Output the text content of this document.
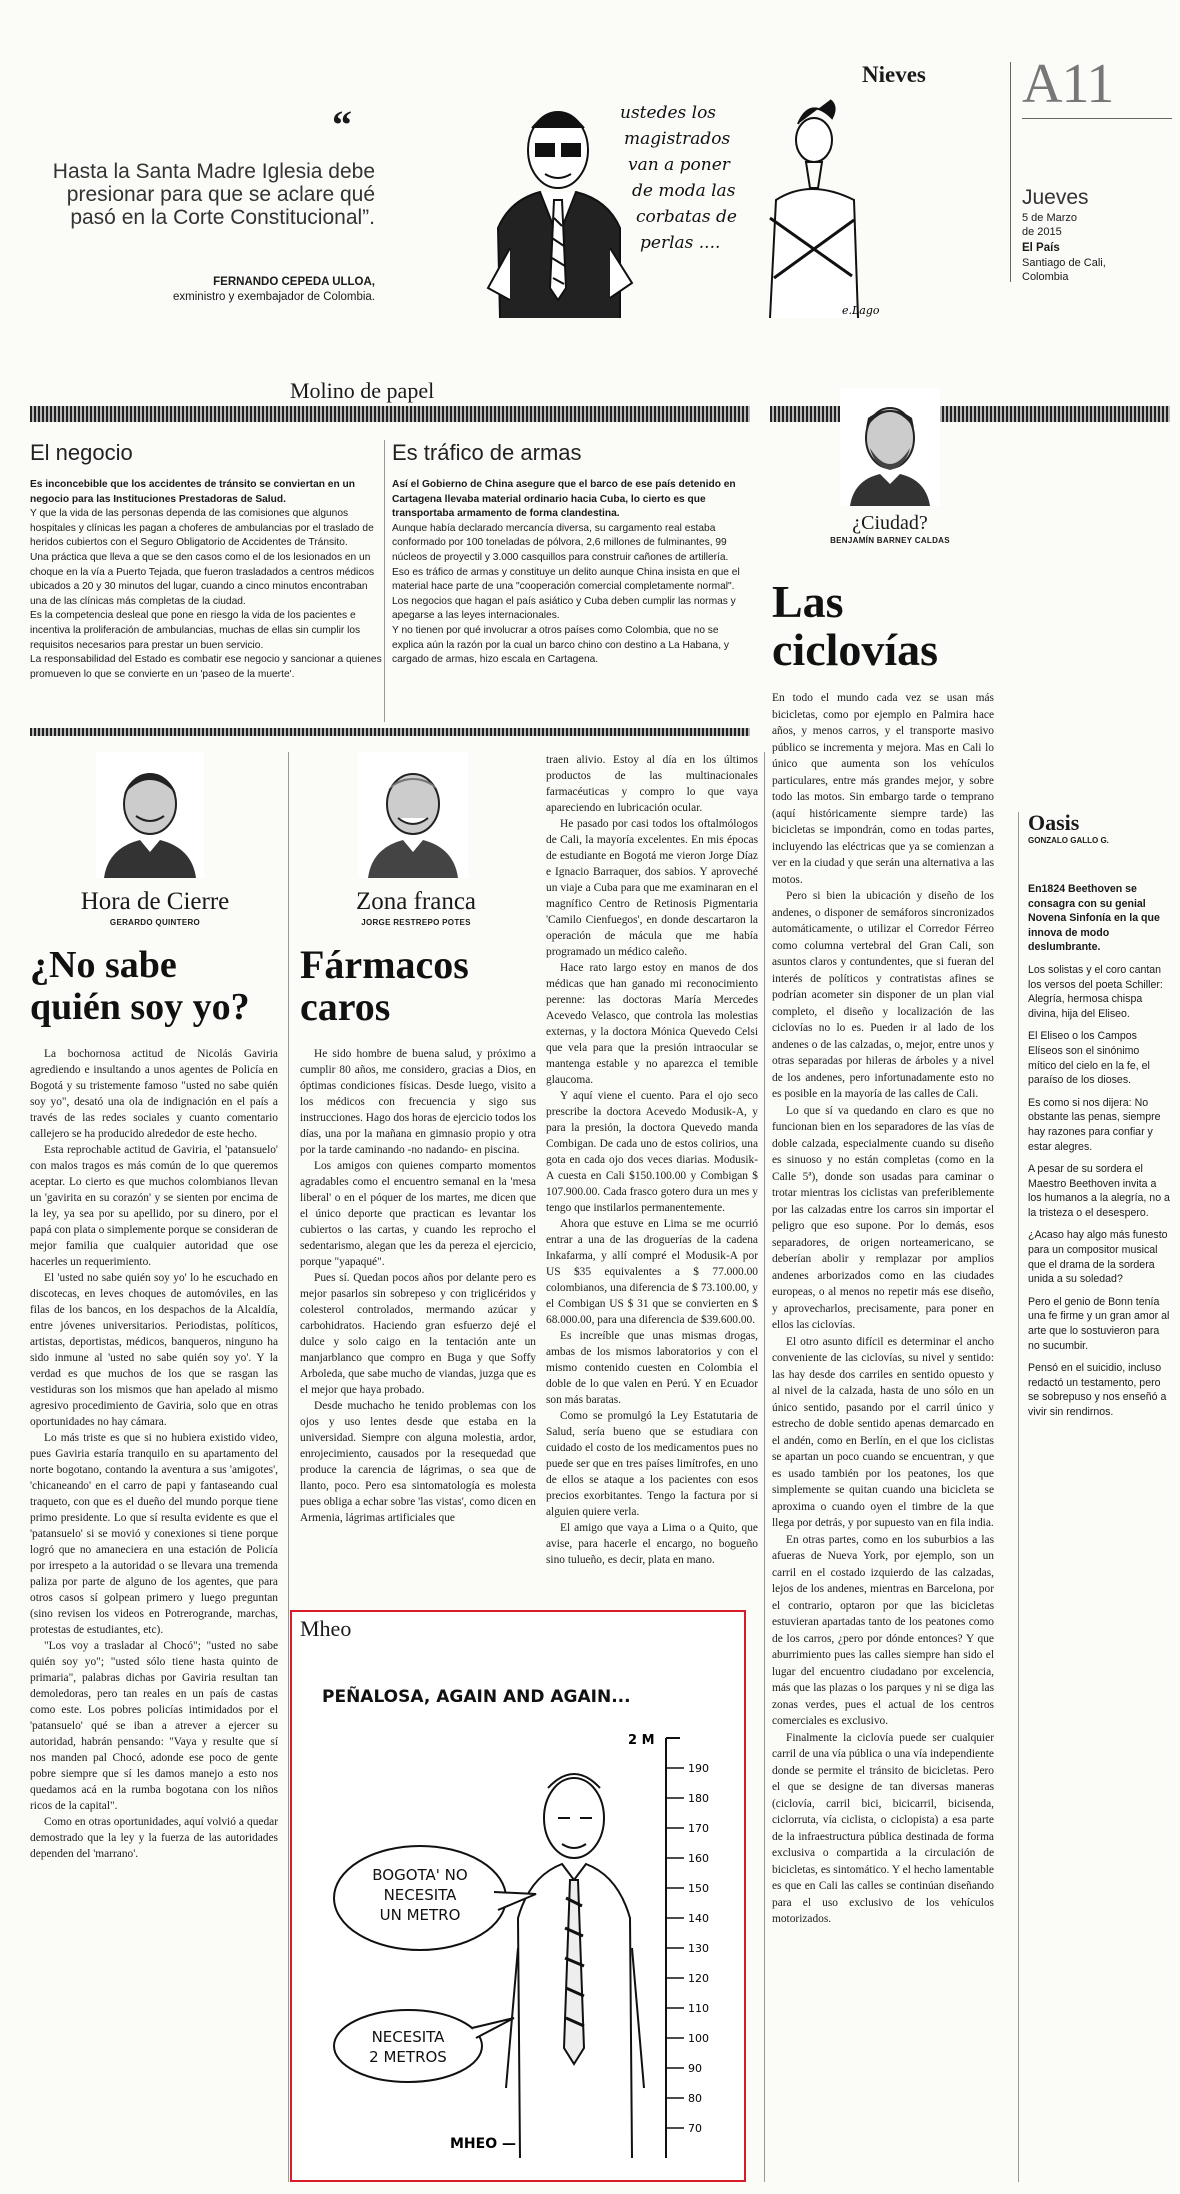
Nieves A11
Jueves
5 de Marzo
de 2015
El País
Santiago de Cali,
Colombia
“
Hasta la Santa Madre Iglesia debe presionar para que se aclare qué pasó en la Corte Constitucional”.
FERNANDO CEPEDA ULLOA,
exministro y exembajador de Colombia.
e.Lago
ustedes los
magistrados
van a poner
de moda las
corbatas de
perlas ....
Molino de papel
El negocio

Es inconcebible que los accidentes de tránsito se conviertan en un negocio para las Instituciones Prestadoras de Salud.

Y que la vida de las personas dependa de las comisiones que algunos hospitales y clínicas les pagan a choferes de ambulancias por el traslado de heridos cubiertos con el Seguro Obligatorio de Accidentes de Tránsito.

Una práctica que lleva a que se den casos como el de los lesionados en un choque en la vía a Puerto Tejada, que fueron trasladados a centros médicos ubicados a 20 y 30 minutos del lugar, cuando a cinco minutos encontraban una de las clínicas más completas de la ciudad.

Es la competencia desleal que pone en riesgo la vida de los pacientes e incentiva la proliferación de ambulancias, muchas de ellas sin cumplir los requisitos necesarios para prestar un buen servicio.

La responsabilidad del Estado es combatir ese negocio y sancionar a quienes promueven lo que se convierte en un 'paseo de la muerte'.

Es tráfico de armas

Así el Gobierno de China asegure que el barco de ese país detenido en Cartagena llevaba material ordinario hacia Cuba, lo cierto es que transportaba armamento de forma clandestina.

Aunque había declarado mercancía diversa, su cargamento real estaba conformado por 100 toneladas de pólvora, 2,6 millones de fulminantes, 99 núcleos de proyectil y 3.000 casquillos para construir cañones de artillería.

Eso es tráfico de armas y constituye un delito aunque China insista en que el material hace parte de una "cooperación comercial completamente normal".

Los negocios que hagan el país asiático y Cuba deben cumplir las normas y apegarse a las leyes internacionales.

Y no tienen por qué involucrar a otros países como Colombia, que no se explica aún la razón por la cual un barco chino con destino a La Habana, y cargado de armas, hizo escala en Cartagena.

¿Ciudad?
BENJAMÍN BARNEY CALDAS
Las
ciclovías

En todo el mundo cada vez se usan más bicicletas, como por ejemplo en Palmira hace años, y menos carros, y el transporte masivo público se incrementa y mejora. Mas en Cali lo único que aumenta son los vehículos particulares, entre más grandes mejor, y sobre todo las motos. Sin embargo tarde o temprano (aquí históricamente siempre tarde) las bicicletas se impondrán, como en todas partes, incluyendo las eléctricas que ya se comienzan a ver en la ciudad y que serán una alternativa a las motos.

Pero si bien la ubicación y diseño de los andenes, o disponer de semáforos sincronizados automáticamente, o utilizar el Corredor Férreo como columna vertebral del Gran Cali, son asuntos claros y contundentes, que si fueran del interés de políticos y contratistas afines se podrían acometer sin disponer de un plan vial completo, el diseño y localización de las ciclovías no lo es. Pueden ir al lado de los andenes o de las calzadas, o, mejor, entre unos y otras separadas por hileras de árboles y a nivel de los andenes, pero infortunadamente esto no es posible en la mayoría de las calles de Cali.

Lo que sí va quedando en claro es que no funcionan bien en los separadores de las vías de doble calzada, especialmente cuando su diseño es sinuoso y no están completas (como en la Calle 5ª), donde son usadas para caminar o trotar mientras los ciclistas van preferiblemente por las calzadas entre los carros sin importar el peligro que eso supone. Por lo demás, esos separadores, de origen norteamericano, se deberían abolir y remplazar por amplios andenes arborizados como en las ciudades europeas, o al menos no repetir más ese diseño, y aprovecharlos, precisamente, para poner en ellos las ciclovías.

El otro asunto difícil es determinar el ancho conveniente de las ciclovías, su nivel y sentido: las hay desde dos carriles en sentido opuesto y al nivel de la calzada, hasta de uno sólo en un único sentido, pasando por el carril único y estrecho de doble sentido apenas demarcado en el andén, como en Berlín, en el que los ciclistas se apartan un poco cuando se encuentran, y que es usado también por los peatones, los que simplemente se quitan cuando una bicicleta se aproxima o cuando oyen el timbre de la que llega por detrás, y por supuesto van en fila india.

En otras partes, como en los suburbios a las afueras de Nueva York, por ejemplo, son un carril en el costado izquierdo de las calzadas, lejos de los andenes, mientras en Barcelona, por el contrario, optaron por que las bicicletas estuvieran apartadas tanto de los peatones como de los carros, ¿pero por dónde entonces? Y que aburrimiento pues las calles siempre han sido el lugar del encuentro ciudadano por excelencia, más que las plazas o los parques y ni se diga las zonas verdes, pues el actual de los centros comerciales es exclusivo.

Finalmente la ciclovía puede ser cualquier carril de una vía pública o una vía independiente donde se permite el tránsito de bicicletas. Pero el que se designe de tan diversas maneras (ciclovía, carril bici, bicicarril, bicisenda, ciclorruta, vía ciclista, o ciclopista) a esa parte de la infraestructura pública destinada de forma exclusiva o compartida a la circulación de bicicletas, es sintomático. Y el hecho lamentable es que en Cali las calles se continúan diseñando para el uso exclusivo de los vehículos motorizados.

Oasis
GONZALO GALLO G.

En1824 Beethoven se consagra con su genial Novena Sinfonía en la que innova de modo deslumbrante.

Los solistas y el coro cantan los versos del poeta Schiller: Alegría, hermosa chispa divina, hija del Eliseo.

El Eliseo o los Campos Elíseos son el sinónimo mítico del cielo en la fe, el paraíso de los dioses.

Es como si nos dijera: No obstante las penas, siempre hay razones para confiar y estar alegres.

A pesar de su sordera el Maestro Beethoven invita a los humanos a la alegría, no a la tristeza o el desespero.

¿Acaso hay algo más funesto para un compositor musical que el drama de la sordera unida a su soledad?

Pero el genio de Bonn tenía una fe firme y un gran amor al arte que lo sostuvieron para no sucumbir.

Pensó en el suicidio, incluso redactó un testamento, pero se sobrepuso y nos enseñó a vivir sin rendirnos.

Hora de Cierre
GERARDO QUINTERO
¿No sabe
quién soy yo?

La bochornosa actitud de Nicolás Gaviria agrediendo e insultando a unos agentes de Policía en Bogotá y su tristemente famoso "usted no sabe quién soy yo", desató una ola de indignación en el país a través de las redes sociales y cuanto comentario callejero se ha producido alrededor de este hecho.

Esta reprochable actitud de Gaviria, el 'patansuelo' con malos tragos es más común de lo que queremos aceptar. Lo cierto es que muchos colombianos llevan un 'gavirita en su corazón' y se sienten por encima de la ley, ya sea por su apellido, por su dinero, por el papá con plata o simplemente porque se consideran de mejor familia que cualquier autoridad que ose hacerles un requerimiento.

El 'usted no sabe quién soy yo' lo he escuchado en discotecas, en leves choques de automóviles, en las filas de los bancos, en los despachos de la Alcaldía, entre jóvenes universitarios. Periodistas, políticos, artistas, deportistas, médicos, banqueros, ninguno ha sido inmune al 'usted no sabe quién soy yo'. Y la verdad es que muchos de los que se rasgan las vestiduras son los mismos que han apelado al mismo agresivo procedimiento de Gaviria, solo que en otras oportunidades no hay cámara.

Lo más triste es que si no hubiera existido video, pues Gaviria estaría tranquilo en su apartamento del norte bogotano, contando la aventura a sus 'amigotes', 'chicaneando' en el carro de papi y fantaseando cual traqueto, con que es el dueño del mundo porque tiene primo presidente. Lo que sí resulta evidente es que el 'patansuelo' si se movió y conexiones si tiene porque logró que no amaneciera en una estación de Policía por irrespeto a la autoridad o se llevara una tremenda paliza por parte de alguno de los agentes, que para otros casos sí golpean primero y luego preguntan (sino revisen los videos en Potrerogrande, marchas, protestas de estudiantes, etc).

"Los voy a trasladar al Chocó"; "usted no sabe quién soy yo"; "usted sólo tiene hasta quinto de primaria", palabras dichas por Gaviria resultan tan demoledoras, pero tan reales en un país de castas como este. Los pobres policías intimidados por el 'patansuelo' qué se iban a atrever a ejercer su autoridad, habrán pensando: "Vaya y resulte que sí nos manden pal Chocó, adonde ese poco de gente pobre siempre que sí les damos manejo a esto nos quedamos acá en la rumba bogotana con los niños ricos de la capital".

Como en otras oportunidades, aquí volvió a quedar demostrado que la ley y la fuerza de las autoridades dependen del 'marrano'.

Zona franca
JORGE RESTREPO POTES
Fármacos
caros

He sido hombre de buena salud, y próximo a cumplir 80 años, me considero, gracias a Dios, en óptimas condiciones físicas. Desde luego, visito a los médicos con frecuencia y sigo sus instrucciones. Hago dos horas de ejercicio todos los días, una por la mañana en gimnasio propio y otra por la tarde caminando -no nadando- en piscina.

Los amigos con quienes comparto momentos agradables como el encuentro semanal en la 'mesa liberal' o en el póquer de los martes, me dicen que el único deporte que practican es levantar los cubiertos o las cartas, y cuando les reprocho el sedentarismo, alegan que les da pereza el ejercicio, porque "yapaqué".

Pues sí. Quedan pocos años por delante pero es mejor pasarlos sin sobrepeso y con triglicéridos y colesterol controlados, mermando azúcar y carbohidratos. Haciendo gran esfuerzo dejé el dulce y solo caigo en la tentación ante un manjarblanco que compro en Buga y que Soffy Arboleda, que sabe mucho de viandas, juzga que es el mejor que haya probado.

Desde muchacho he tenido problemas con los ojos y uso lentes desde que estaba en la universidad. Siempre con alguna molestia, ardor, enrojecimiento, causados por la resequedad que produce la carencia de lágrimas, o sea que de llanto, poco. Pero esa sintomatología es molesta pues obliga a echar sobre 'las vistas', como dicen en Armenia, lágrimas artificiales que

traen alivio. Estoy al día en los últimos productos de las multinacionales farmacéuticas y compro lo que vaya apareciendo en lubricación ocular.

He pasado por casi todos los oftalmólogos de Cali, la mayoría excelentes. En mis épocas de estudiante en Bogotá me vieron Jorge Díaz e Ignacio Barraquer, dos sabios. Y aproveché un viaje a Cuba para que me examinaran en el magnífico Centro de Retinosis Pigmentaria 'Camilo Cienfuegos', en donde descartaron la operación de mácula que me había programado un médico caleño.

Hace rato largo estoy en manos de dos médicas que han ganado mi reconocimiento perenne: las doctoras María Mercedes Acevedo Velasco, que controla las molestias externas, y la doctora Mónica Quevedo Celsi que vela para que la presión intraocular se mantenga estable y no aparezca el temible glaucoma.

Y aquí viene el cuento. Para el ojo seco prescribe la doctora Acevedo Modusik-A, y para la presión, la doctora Quevedo manda Combigan. De cada uno de estos colirios, una gota en cada ojo dos veces diarias. Modusik-A cuesta en Cali $150.100.00 y Combigan $ 107.900.00. Cada frasco gotero dura un mes y tengo que instilarlos permanentemente.

Ahora que estuve en Lima se me ocurrió entrar a una de las droguerías de la cadena Inkafarma, y allí compré el Modusik-A por US $35 equivalentes a $ 77.000.00 colombianos, una diferencia de $ 73.100.00, y el Combigan US $ 31 que se convierten en $ 68.000.00, para una diferencia de $39.600.00.

Es increíble que unas mismas drogas, ambas de los mismos laboratorios y con el mismo contenido cuesten en Colombia el doble de lo que valen en Perú. Y en Ecuador son más baratas.

Como se promulgó la Ley Estatutaria de Salud, sería bueno que se estudiara con cuidado el costo de los medicamentos pues no puede ser que en tres países limítrofes, en uno de ellos se ataque a los pacientes con esos precios exorbitantes. Tengo la factura por si alguien quiere verla.

El amigo que vaya a Lima o a Quito, que avise, para hacerle el encargo, no bogueño sino tulueño, es decir, plata en mano.

Mheo
PEÑALOSA, AGAIN AND AGAIN...
2 M
190
180
170
160
150
140
130
120
110
100
90
80
70
BOGOTA' NO
NECESITA
UN METRO
NECESITA
2 METROS
MHEO —
